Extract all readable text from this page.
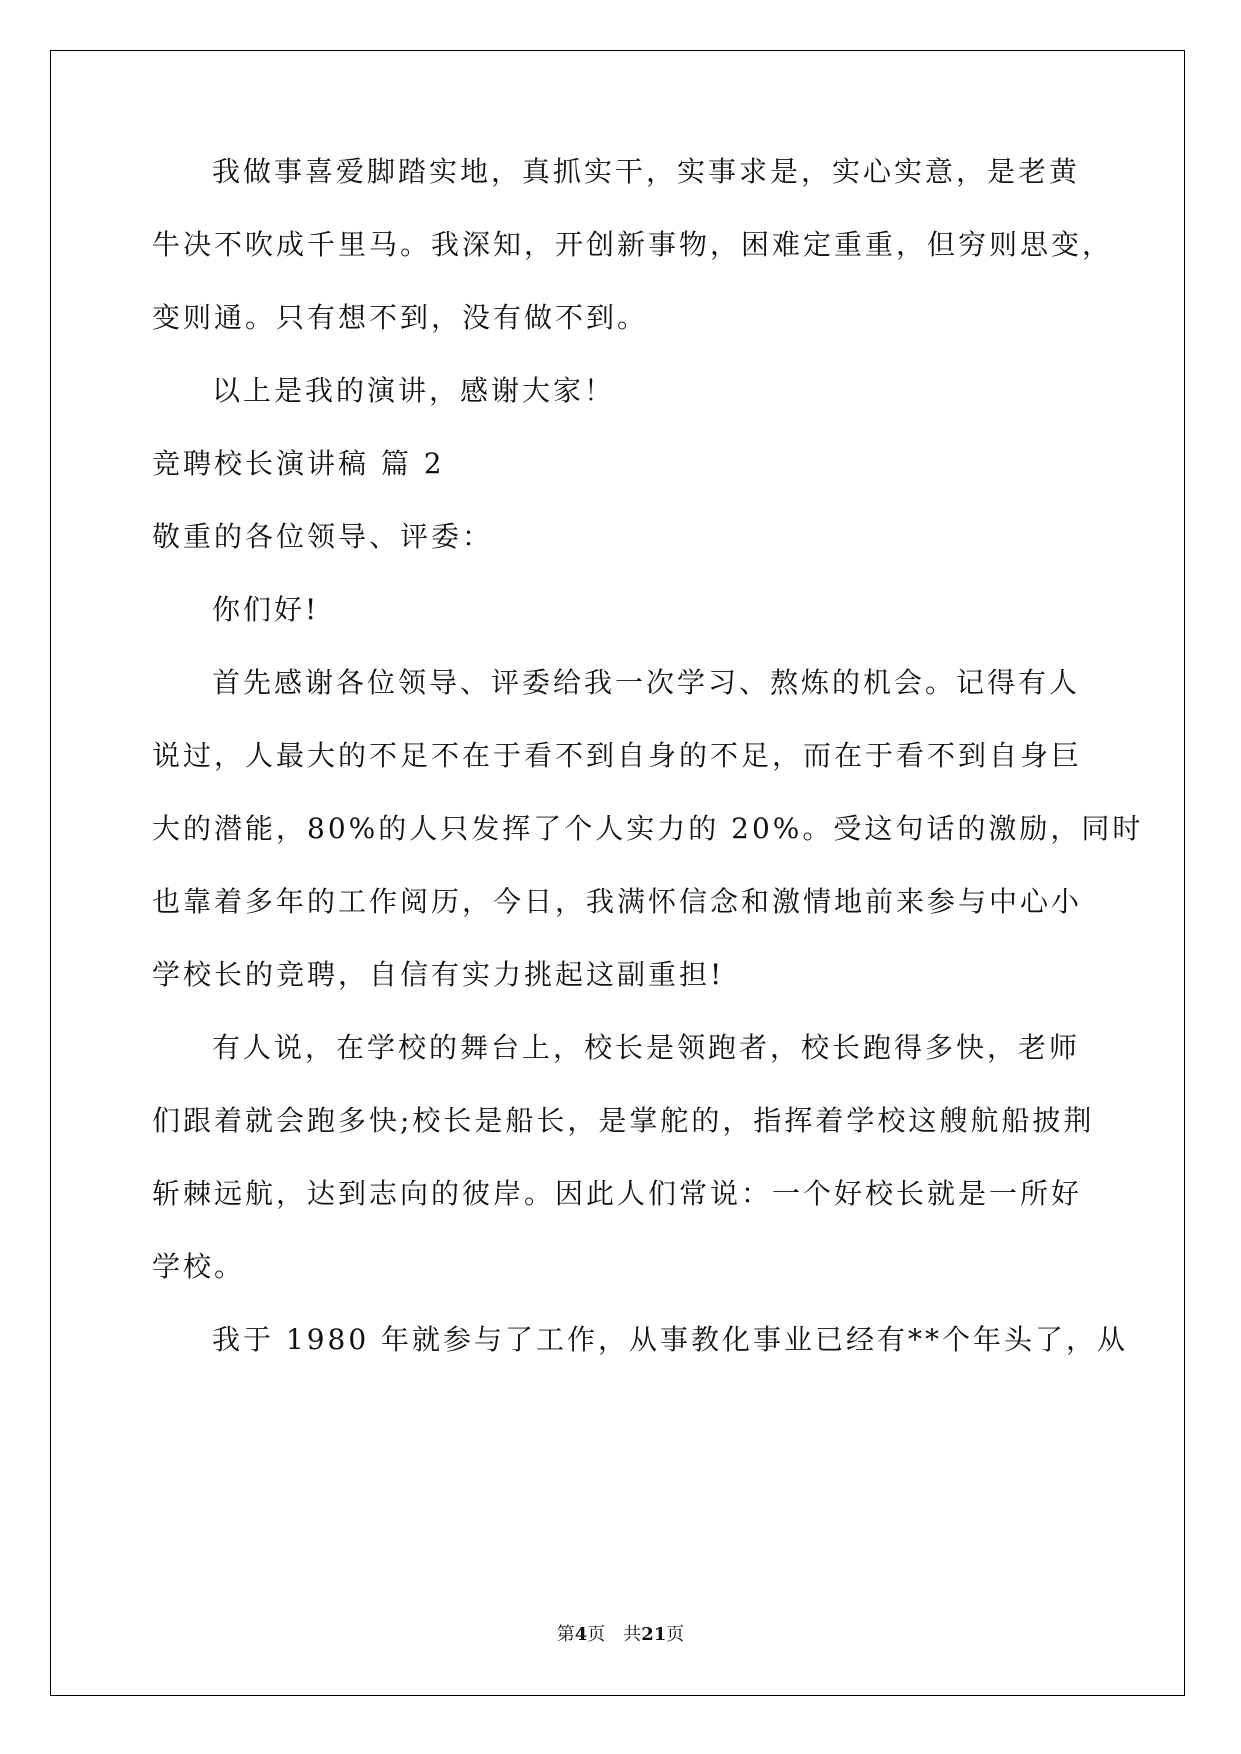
我做事喜爱脚踏实地，真抓实干，实事求是，实心实意，是老黄

牛决不吹成千里马。我深知，开创新事物，困难定重重，但穷则思变，

变则通。只有想不到，没有做不到。

以上是我的演讲，感谢大家！

竞聘校长演讲稿 篇 2

敬重的各位领导、评委：

你们好!

首先感谢各位领导、评委给我一次学习、熬炼的机会。记得有人

说过，人最大的不足不在于看不到自身的不足，而在于看不到自身巨

大的潜能，80%的人只发挥了个人实力的 20%。受这句话的激励，同时

也靠着多年的工作阅历，今日，我满怀信念和激情地前来参与中心小

学校长的竞聘，自信有实力挑起这副重担!

有人说，在学校的舞台上，校长是领跑者，校长跑得多快，老师

们跟着就会跑多快;校长是船长，是掌舵的，指挥着学校这艘航船披荆

斩棘远航，达到志向的彼岸。因此人们常说：一个好校长就是一所好

学校。

我于 1980 年就参与了工作，从事教化事业已经有**个年头了，从

第4页　共21页
